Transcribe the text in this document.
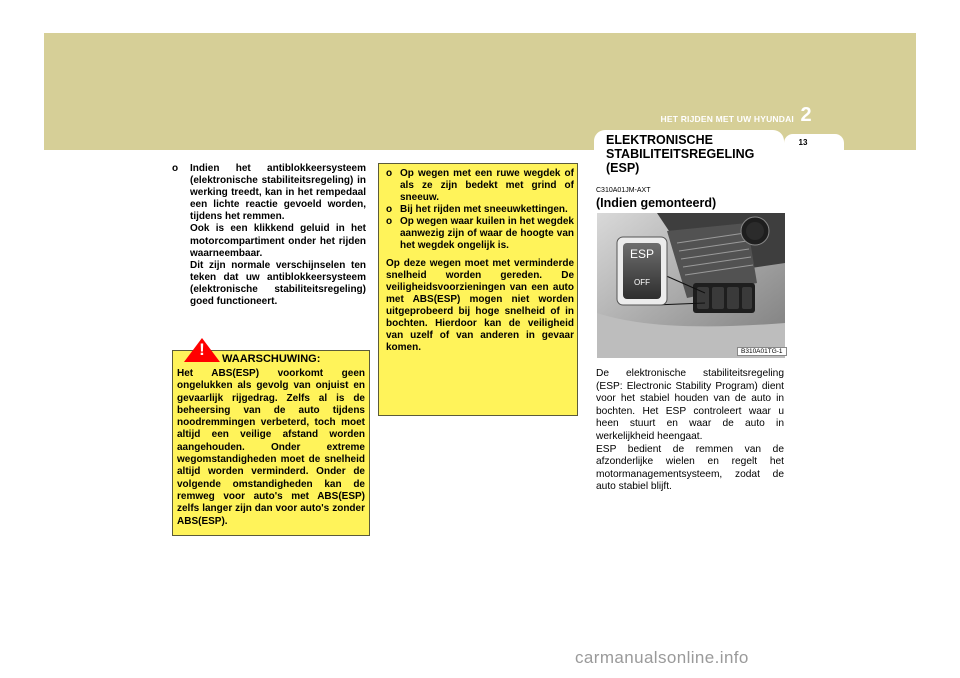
HET RIJDEN MET UW HYUNDAI 2
13
ELEKTRONISCHE
STABILITEITSREGELING
(ESP)
o	Indien het antiblokkeersysteem (elektronische stabiliteitsregeling) in werking treedt, kan in het rempedaal een lichte reactie gevoeld worden, tijdens het remmen.
Ook is een klikkend geluid in het motorcompartiment onder het rijden waarneembaar.
Dit zijn normale verschijnselen ten teken dat uw antiblokkeersysteem (elektronische stabiliteitsregeling) goed functioneert.
!	WAARSCHUWING:
Het ABS(ESP) voorkomt geen ongelukken als gevolg van onjuist en gevaarlijk rijgedrag. Zelfs al is de beheersing van de auto tijdens noodremmingen verbeterd, toch moet altijd een veilige afstand worden aangehouden. Onder extreme wegomstandigheden moet de snelheid altijd worden verminderd. Onder de volgende omstandigheden kan de remweg voor auto's met ABS(ESP) zelfs langer zijn dan voor auto's zonder ABS(ESP).
o Op wegen met een ruwe wegdek of als ze zijn bedekt met grind of sneeuw.
o Bij het rijden met sneeuwkettingen.
o Op wegen waar kuilen in het wegdek aanwezig zijn of waar de hoogte van het wegdek ongelijk is.
Op deze wegen moet met verminderde snelheid worden gereden. De veiligheidsvoorzieningen van een auto met ABS(ESP) mogen niet worden uitgeprobeerd bij hoge snelheid of in bochten. Hierdoor kan de veiligheid van uzelf of van anderen in gevaar komen.
C310A01JM-AXT
(Indien gemonteerd)
ESP
OFF
B310A01TG-1
De elektronische stabiliteitsregeling (ESP: Electronic Stability Program) dient voor het stabiel houden van de auto in bochten. Het ESP controleert waar u heen stuurt en waar de auto in werkelijkheid heengaat.
ESP bedient de remmen van de afzonderlijke wielen en regelt het motormanagementsysteem, zodat de auto stabiel blijft.
carmanualsonline.info
